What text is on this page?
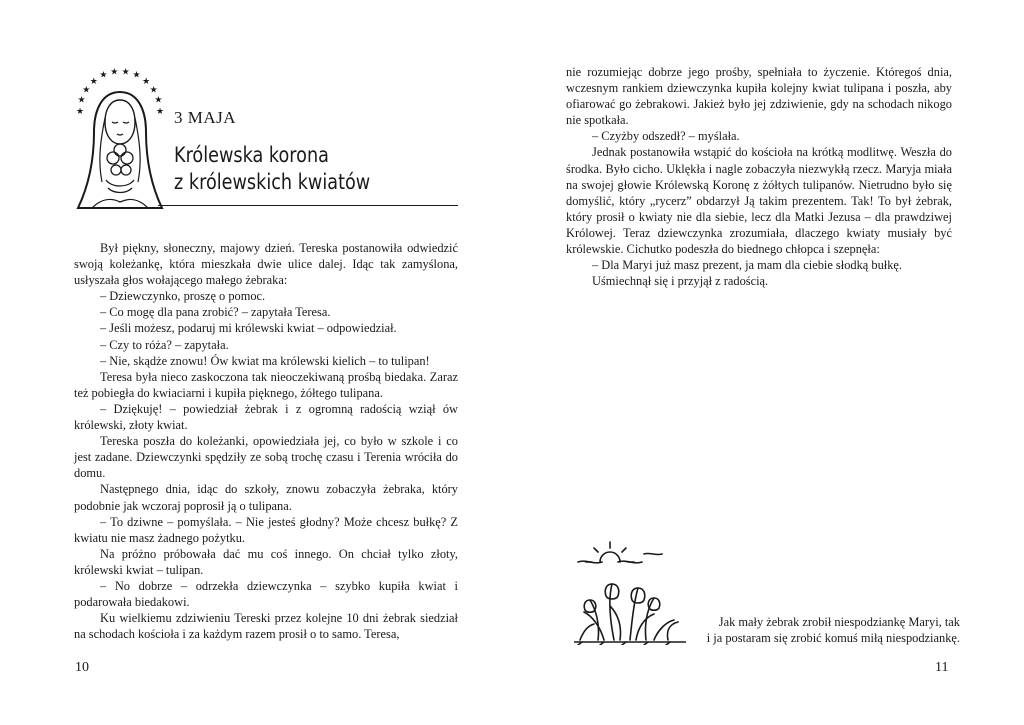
★
★
★
★
★ ★ ★ ★
★
★
★
★ 3 MAJA
Królewska korona
z królewskich kwiatów

Był piękny, słoneczny, majowy dzień. Tereska postanowiła odwiedzić swoją koleżankę, która mieszkała dwie ulice dalej. Idąc tak zamyślona, usłyszała głos wołającego małego żebraka:

– Dziewczynko, proszę o pomoc.

– Co mogę dla pana zrobić? – zapytała Teresa.

– Jeśli możesz, podaruj mi królewski kwiat – odpowiedział.

– Czy to róża? – zapytała.

– Nie, skądże znowu! Ów kwiat ma królewski kielich – to tulipan!

Teresa była nieco zaskoczona tak nieoczekiwaną prośbą biedaka. Zaraz też pobiegła do kwiaciarni i kupiła pięknego, żółtego tulipana.

– Dziękuję! – powiedział żebrak i z ogromną radością wziął ów królewski, złoty kwiat.

Tereska poszła do koleżanki, opowiedziała jej, co było w szkole i co jest zadane. Dziewczynki spędziły ze sobą trochę czasu i Terenia wróciła do domu.

Następnego dnia, idąc do szkoły, znowu zobaczyła żebraka, który podobnie jak wczoraj poprosił ją o tulipana.

– To dziwne – pomyślała. – Nie jesteś głodny? Może chcesz bułkę? Z kwiatu nie masz żadnego pożytku.

Na próżno próbowała dać mu coś innego. On chciał tylko złoty, królewski kwiat – tulipan.

– No dobrze – odrzekła dziewczynka – szybko kupiła kwiat i podarowała biedakowi.

Ku wielkiemu zdziwieniu Tereski przez kolejne 10 dni żebrak siedział na schodach kościoła i za każdym razem prosił o to samo. Teresa,

10

nie rozumiejąc dobrze jego prośby, spełniała to życzenie. Któregoś dnia, wczesnym rankiem dziewczynka kupiła kolejny kwiat tulipana i poszła, aby ofiarować go żebrakowi. Jakież było jej zdziwienie, gdy na schodach nikogo nie spotkała.

– Czyżby odszedł? – myślała.

Jednak postanowiła wstąpić do kościoła na krótką modlitwę. Weszła do środka. Było cicho. Uklękła i nagle zobaczyła niezwykłą rzecz. Maryja miała na swojej głowie Królewską Koronę z żółtych tulipanów. Nietrudno było się domyślić, który „rycerz” obdarzył Ją takim prezentem. Tak! To był żebrak, który prosił o kwiaty nie dla siebie, lecz dla Matki Jezusa – dla prawdziwej Królowej. Teraz dziewczynka zrozumiała, dlaczego kwiaty musiały być królewskie. Cichutko podeszła do biednego chłopca i szepnęła:

– Dla Maryi już masz prezent, ja mam dla ciebie słodką bułkę.

Uśmiechnął się i przyjął z radością.

Jak mały żebrak zrobił niespodziankę Maryi, tak
i ja postaram się zrobić komuś miłą niespodziankę.
11
